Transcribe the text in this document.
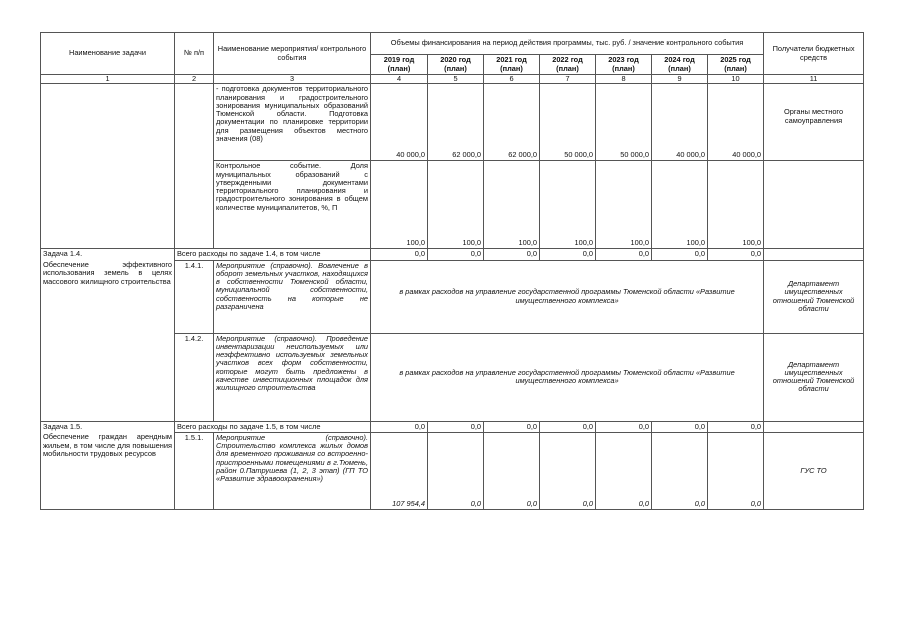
Наименование задачи	№ п/п	Наименование мероприятия/ контрольного события	Объемы финансирования на период действия программы, тыс. руб. / значение контрольного события							Получатели бюджетных средств
			2019 год (план)	2020 год (план)	2021 год (план)	2022 год (план)	2023 год (план)	2024 год (план)	2025 год (план)	
1	2	3	4	5	6	7	8	9	10	11
		- подготовка документов территориального планирования и градостроительного зонирования муниципальных образований Тюменской области. Подготовка документации по планировке территории для размещения объектов местного значения (08)	40 000,0	62 000,0	62 000,0	50 000,0	50 000,0	40 000,0	40 000,0	Органы местного самоуправления
		Контрольное событие. Доля муниципальных образований с утвержденными документами территориального планирования и градостроительного зонирования в общем количестве муниципалитетов, %, П	100,0	100,0	100,0	100,0	100,0	100,0	100,0	
Задача 1.4.	Всего расходы по задаче 1.4, в том числе		0,0	0,0	0,0	0,0	0,0	0,0	0,0	
Обеспечение эффективного использования земель в целях массового жилищного строительства	1.4.1.	Мероприятие (справочно). Вовлечение в оборот земельных участков, находящихся в собственности Тюменской области, муниципальной собственности, собственность на которые не разграничена	в рамках расходов на управление государственной программы Тюменской области «Развитие имущественного комплекса»							Департамент имущественных отношений Тюменской области
	1.4.2.	Мероприятие (справочно). Проведение инвентаризации неиспользуемых или неэффективно используемых земельных участков всех форм собственности, которые могут быть предложены в качестве инвестиционных площадок для жилищного строительства	в рамках расходов на управление государственной программы Тюменской области «Развитие имущественного комплекса»							Департамент имущественных отношений Тюменской области
Задача 1.5.	Всего расходы по задаче 1.5, в том числе		0,0	0,0	0,0	0,0	0,0	0,0	0,0	
Обеспечение граждан арендным жильем, в том числе для повышения мобильности трудовых ресурсов	1.5.1.	Мероприятие (справочно). Строительство комплекса жилых домов для временного проживания со встроенно-пристроенными помещениями в г.Тюмень, район 0.Патрушева (1, 2, 3 этап) (ГП ТО «Развитие здравоохранения»)	107 954,4	0,0	0,0	0,0	0,0	0,0	0,0	ГУС ТО
